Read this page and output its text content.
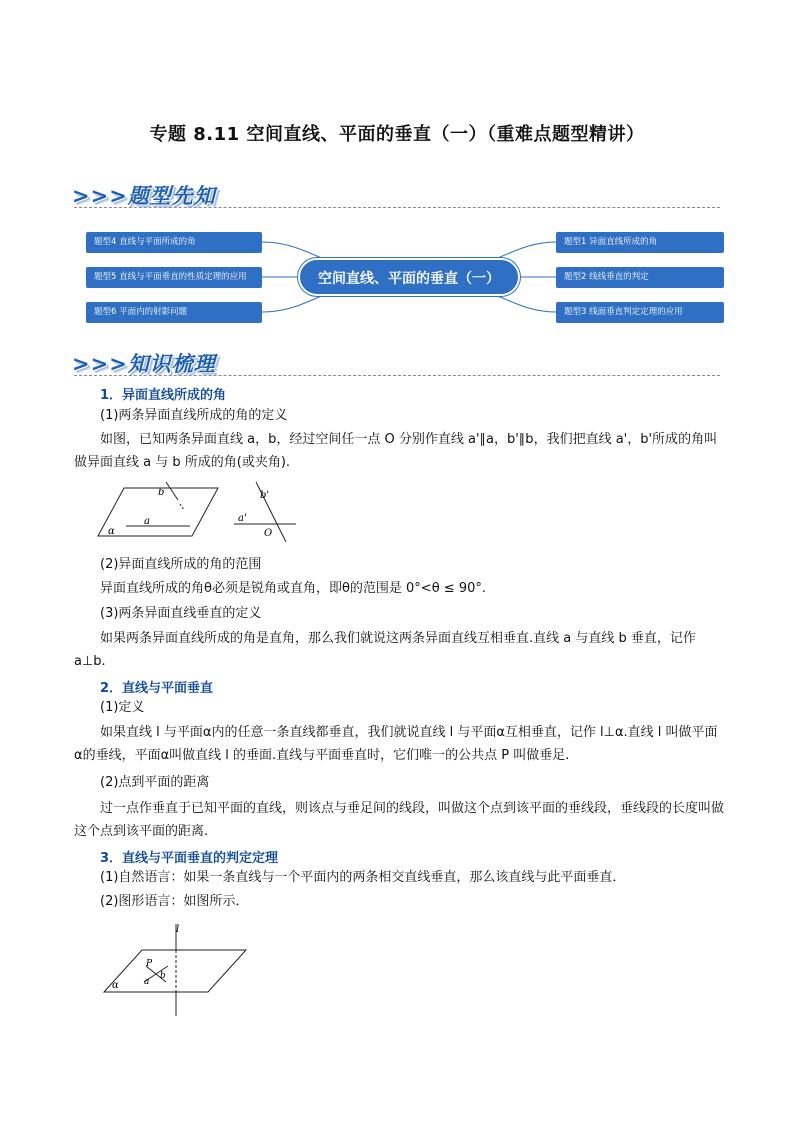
专题 8.11 空间直线、平面的垂直（一）（重难点题型精讲）
>>>题型先知
题型4 直线与平面所成的角
题型5 直线与平面垂直的性质定理的应用
题型6 平面内的射影问题
空间直线、平面的垂直（一）
题型1 异面直线所成的角
题型2 线线垂直的判定
题型3 线面垂直判定定理的应用
>>>知识梳理
1．异面直线所成的角
(1)两条异面直线所成的角的定义
如图，已知两条异面直线 a，b，经过空间任一点 O 分别作直线 a'∥a，b'∥b，我们把直线 a'，b'所成的角叫做异面直线 a 与 b 所成的角(或夹角).
b
a
α
b'
a'
O
(2)异面直线所成的角的范围
异面直线所成的角θ必须是锐角或直角，即θ的范围是 0°<θ ≤ 90°.
(3)两条异面直线垂直的定义
如果两条异面直线所成的角是直角，那么我们就说这两条异面直线互相垂直.直线 a 与直线 b 垂直，记作 a⊥b.
2．直线与平面垂直
(1)定义
如果直线 l 与平面α内的任意一条直线都垂直，我们就说直线 l 与平面α互相垂直，记作 l⊥α.直线 l 叫做平面α的垂线，平面α叫做直线 l 的垂面.直线与平面垂直时，它们唯一的公共点 P 叫做垂足.
(2)点到平面的距离
过一点作垂直于已知平面的直线，则该点与垂足间的线段，叫做这个点到该平面的垂线段，垂线段的长度叫做这个点到该平面的距离.
3．直线与平面垂直的判定定理
(1)自然语言：如果一条直线与一个平面内的两条相交直线垂直，那么该直线与此平面垂直．
(2)图形语言：如图所示．
l
P
a
b
α
